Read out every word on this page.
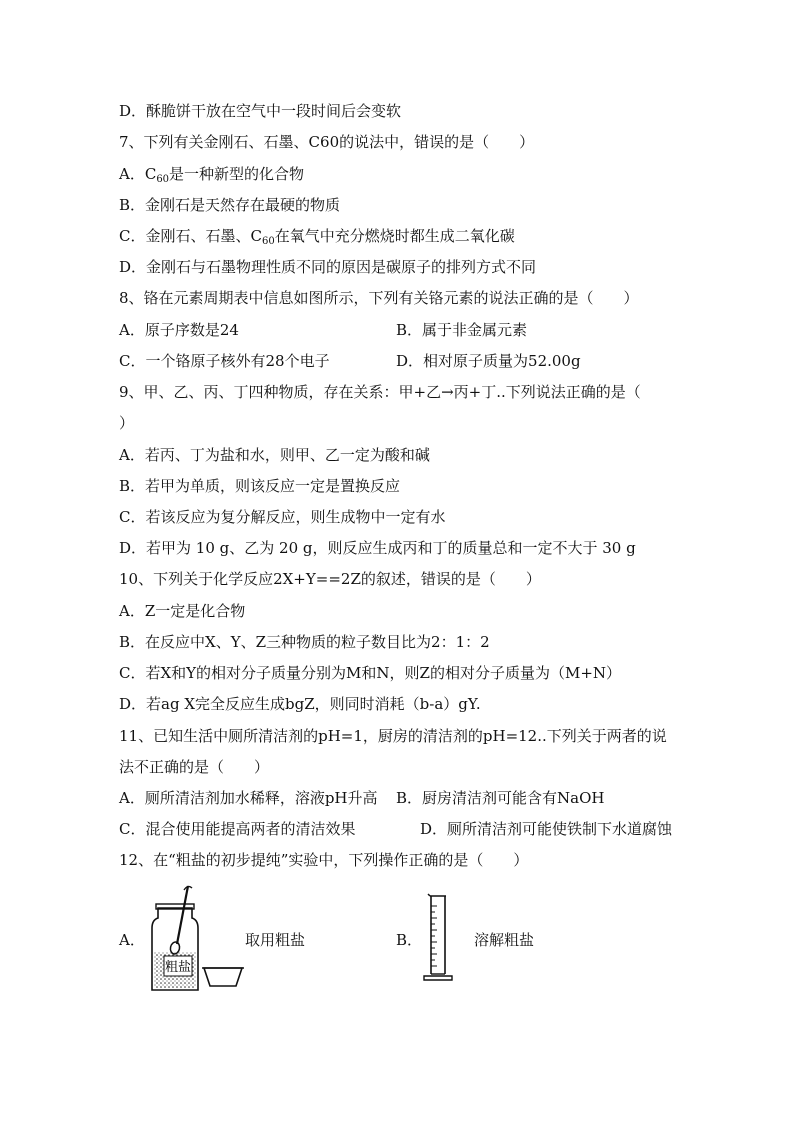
D．酥脆饼干放在空气中一段时间后会变软
7、下列有关金刚石、石墨、C60的说法中，错误的是（　　）
A．$C_{60}$是一种新型的化合物
B．金刚石是天然存在最硬的物质
C．金刚石、石墨、$C_{60}$在氧气中充分燃烧时都生成二氧化碳
D．金刚石与石墨物理性质不同的原因是碳原子的排列方式不同
8、铬在元素周期表中信息如图所示，下列有关铬元素的说法正确的是（　　）
A．原子序数是24	B．属于非金属元素
C．一个铬原子核外有28个电子	D．相对原子质量为52.00g
9、甲、乙、丙、丁四种物质，存在关系：甲+乙→丙+丁..下列说法正确的是（
）
A．若丙、丁为盐和水，则甲、乙一定为酸和碱
B．若甲为单质，则该反应一定是置换反应
C．若该反应为复分解反应，则生成物中一定有水
D．若甲为 10 g、乙为 20 g，则反应生成丙和丁的质量总和一定不大于 30 g
10、下列关于化学反应2X+Y==2Z的叙述，错误的是（　　）
A．Z一定是化合物
B．在反应中X、Y、Z三种物质的粒子数目比为2：1：2
C．若X和Y的相对分子质量分别为M和N，则Z的相对分子质量为（M+N）
D．若ag X完全反应生成bgZ，则同时消耗（b-a）gY.
11、已知生活中厕所清洁剂的pH=1，厨房的清洁剂的pH=12..下列关于两者的说
法不正确的是（　　）
A．厕所清洁剂加水稀释，溶液pH升高 B．厨房清洁剂可能含有NaOH
C．混合使用能提高两者的清洁效果	D．厕所清洁剂可能使铁制下水道腐蚀
12、在“粗盐的初步提纯”实验中，下列操作正确的是（　　）
A．
粗盐
取用粗盐	B．	溶解粗盐
